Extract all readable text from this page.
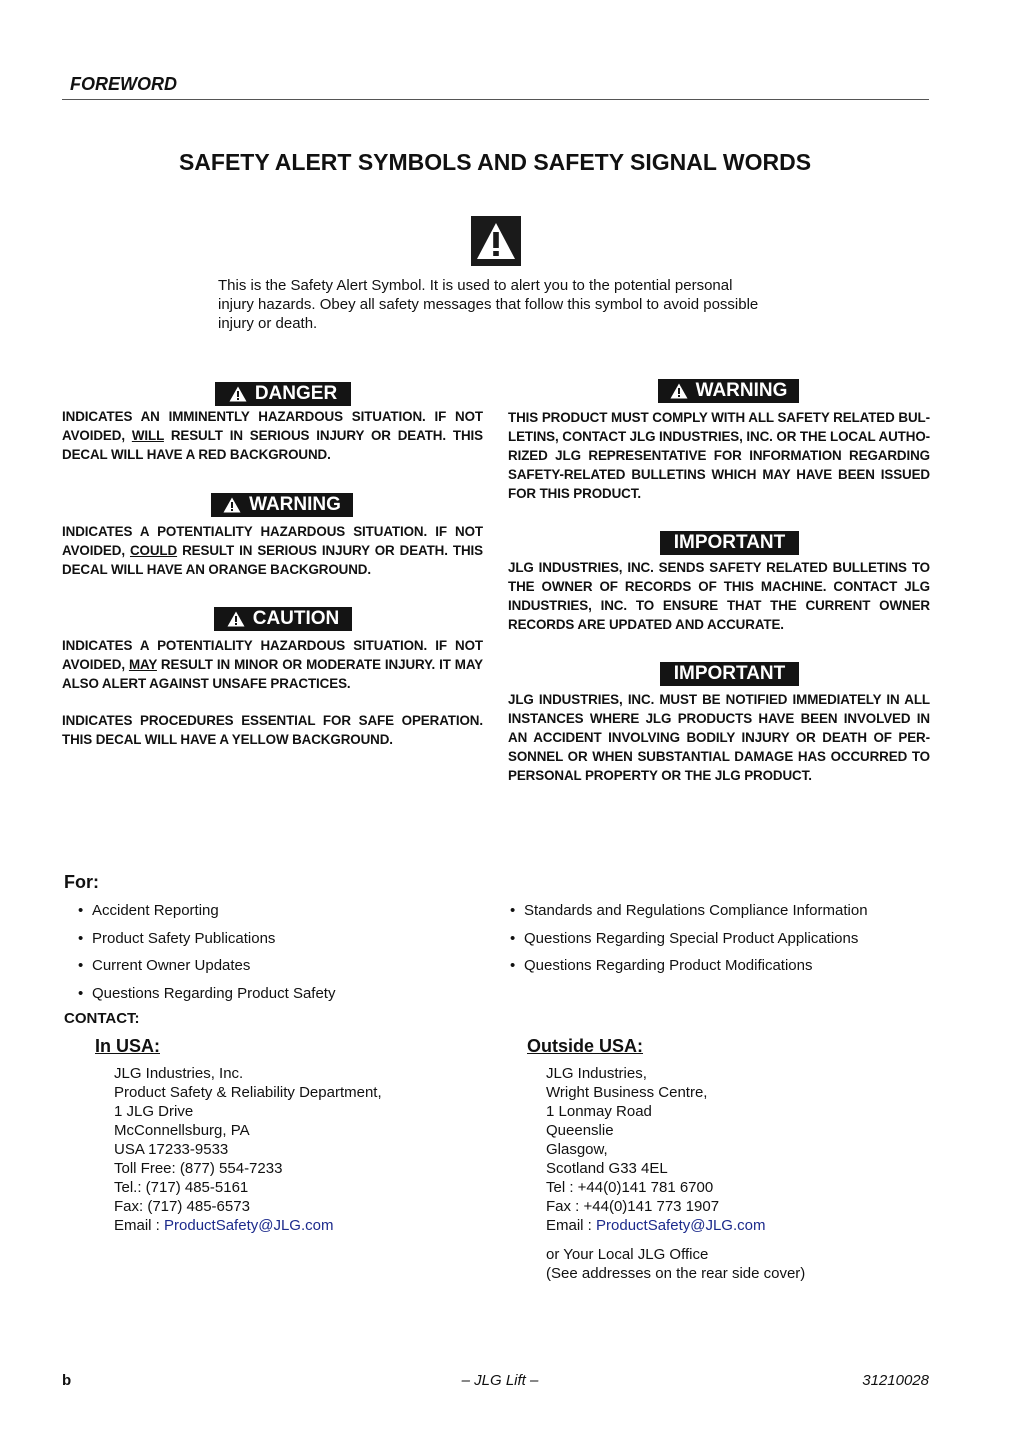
FOREWORD
SAFETY ALERT SYMBOLS AND SAFETY SIGNAL WORDS
This is the Safety Alert Symbol. It is used to alert you to the potential personal
injury hazards. Obey all safety messages that follow this symbol to avoid possible
injury or death.
DANGER
INDICATES AN IMMINENTLY HAZARDOUS SITUATION. IF NOT
AVOIDED, WILL RESULT IN SERIOUS INJURY OR DEATH. THIS
DECAL WILL HAVE A RED BACKGROUND.
WARNING
INDICATES A POTENTIALITY HAZARDOUS SITUATION. IF NOT
AVOIDED, COULD RESULT IN SERIOUS INJURY OR DEATH. THIS
DECAL WILL HAVE AN ORANGE BACKGROUND.
CAUTION
INDICATES A POTENTIALITY HAZARDOUS SITUATION. IF NOT
AVOIDED, MAY RESULT IN MINOR OR MODERATE INJURY. IT MAY
ALSO ALERT AGAINST UNSAFE PRACTICES.
INDICATES PROCEDURES ESSENTIAL FOR SAFE OPERATION.
THIS DECAL WILL HAVE A YELLOW BACKGROUND.
WARNING
THIS PRODUCT MUST COMPLY WITH ALL SAFETY RELATED BUL-
LETINS, CONTACT JLG INDUSTRIES, INC. OR THE LOCAL AUTHO-
RIZED JLG REPRESENTATIVE FOR INFORMATION REGARDING
SAFETY-RELATED BULLETINS WHICH MAY HAVE BEEN ISSUED
FOR THIS PRODUCT.
IMPORTANT
JLG INDUSTRIES, INC. SENDS SAFETY RELATED BULLETINS TO
THE OWNER OF RECORDS OF THIS MACHINE. CONTACT JLG
INDUSTRIES, INC. TO ENSURE THAT THE CURRENT OWNER
RECORDS ARE UPDATED AND ACCURATE.
IMPORTANT
JLG INDUSTRIES, INC. MUST BE NOTIFIED IMMEDIATELY IN ALL
INSTANCES WHERE JLG PRODUCTS HAVE BEEN INVOLVED IN
AN ACCIDENT INVOLVING BODILY INJURY OR DEATH OF PER-
SONNEL OR WHEN SUBSTANTIAL DAMAGE HAS OCCURRED TO
PERSONAL PROPERTY OR THE JLG PRODUCT.
For:
• Accident Reporting
• Product Safety Publications
• Current Owner Updates
• Questions Regarding Product Safety
• Standards and Regulations Compliance Information
• Questions Regarding Special Product Applications
• Questions Regarding Product Modifications
CONTACT:
In USA:
JLG Industries, Inc.
Product Safety & Reliability Department,
1 JLG Drive
McConnellsburg, PA
USA 17233-9533
Toll Free: (877) 554-7233
Tel.: (717) 485-5161
Fax: (717) 485-6573
Email : ProductSafety@JLG.com
Outside USA:
JLG Industries,
Wright Business Centre,
1 Lonmay Road
Queenslie
Glasgow,
Scotland G33 4EL
Tel : +44(0)141 781 6700
Fax : +44(0)141 773 1907
Email : ProductSafety@JLG.com
or Your Local JLG Office
(See addresses on the rear side cover)
b	– JLG Lift –	31210028
